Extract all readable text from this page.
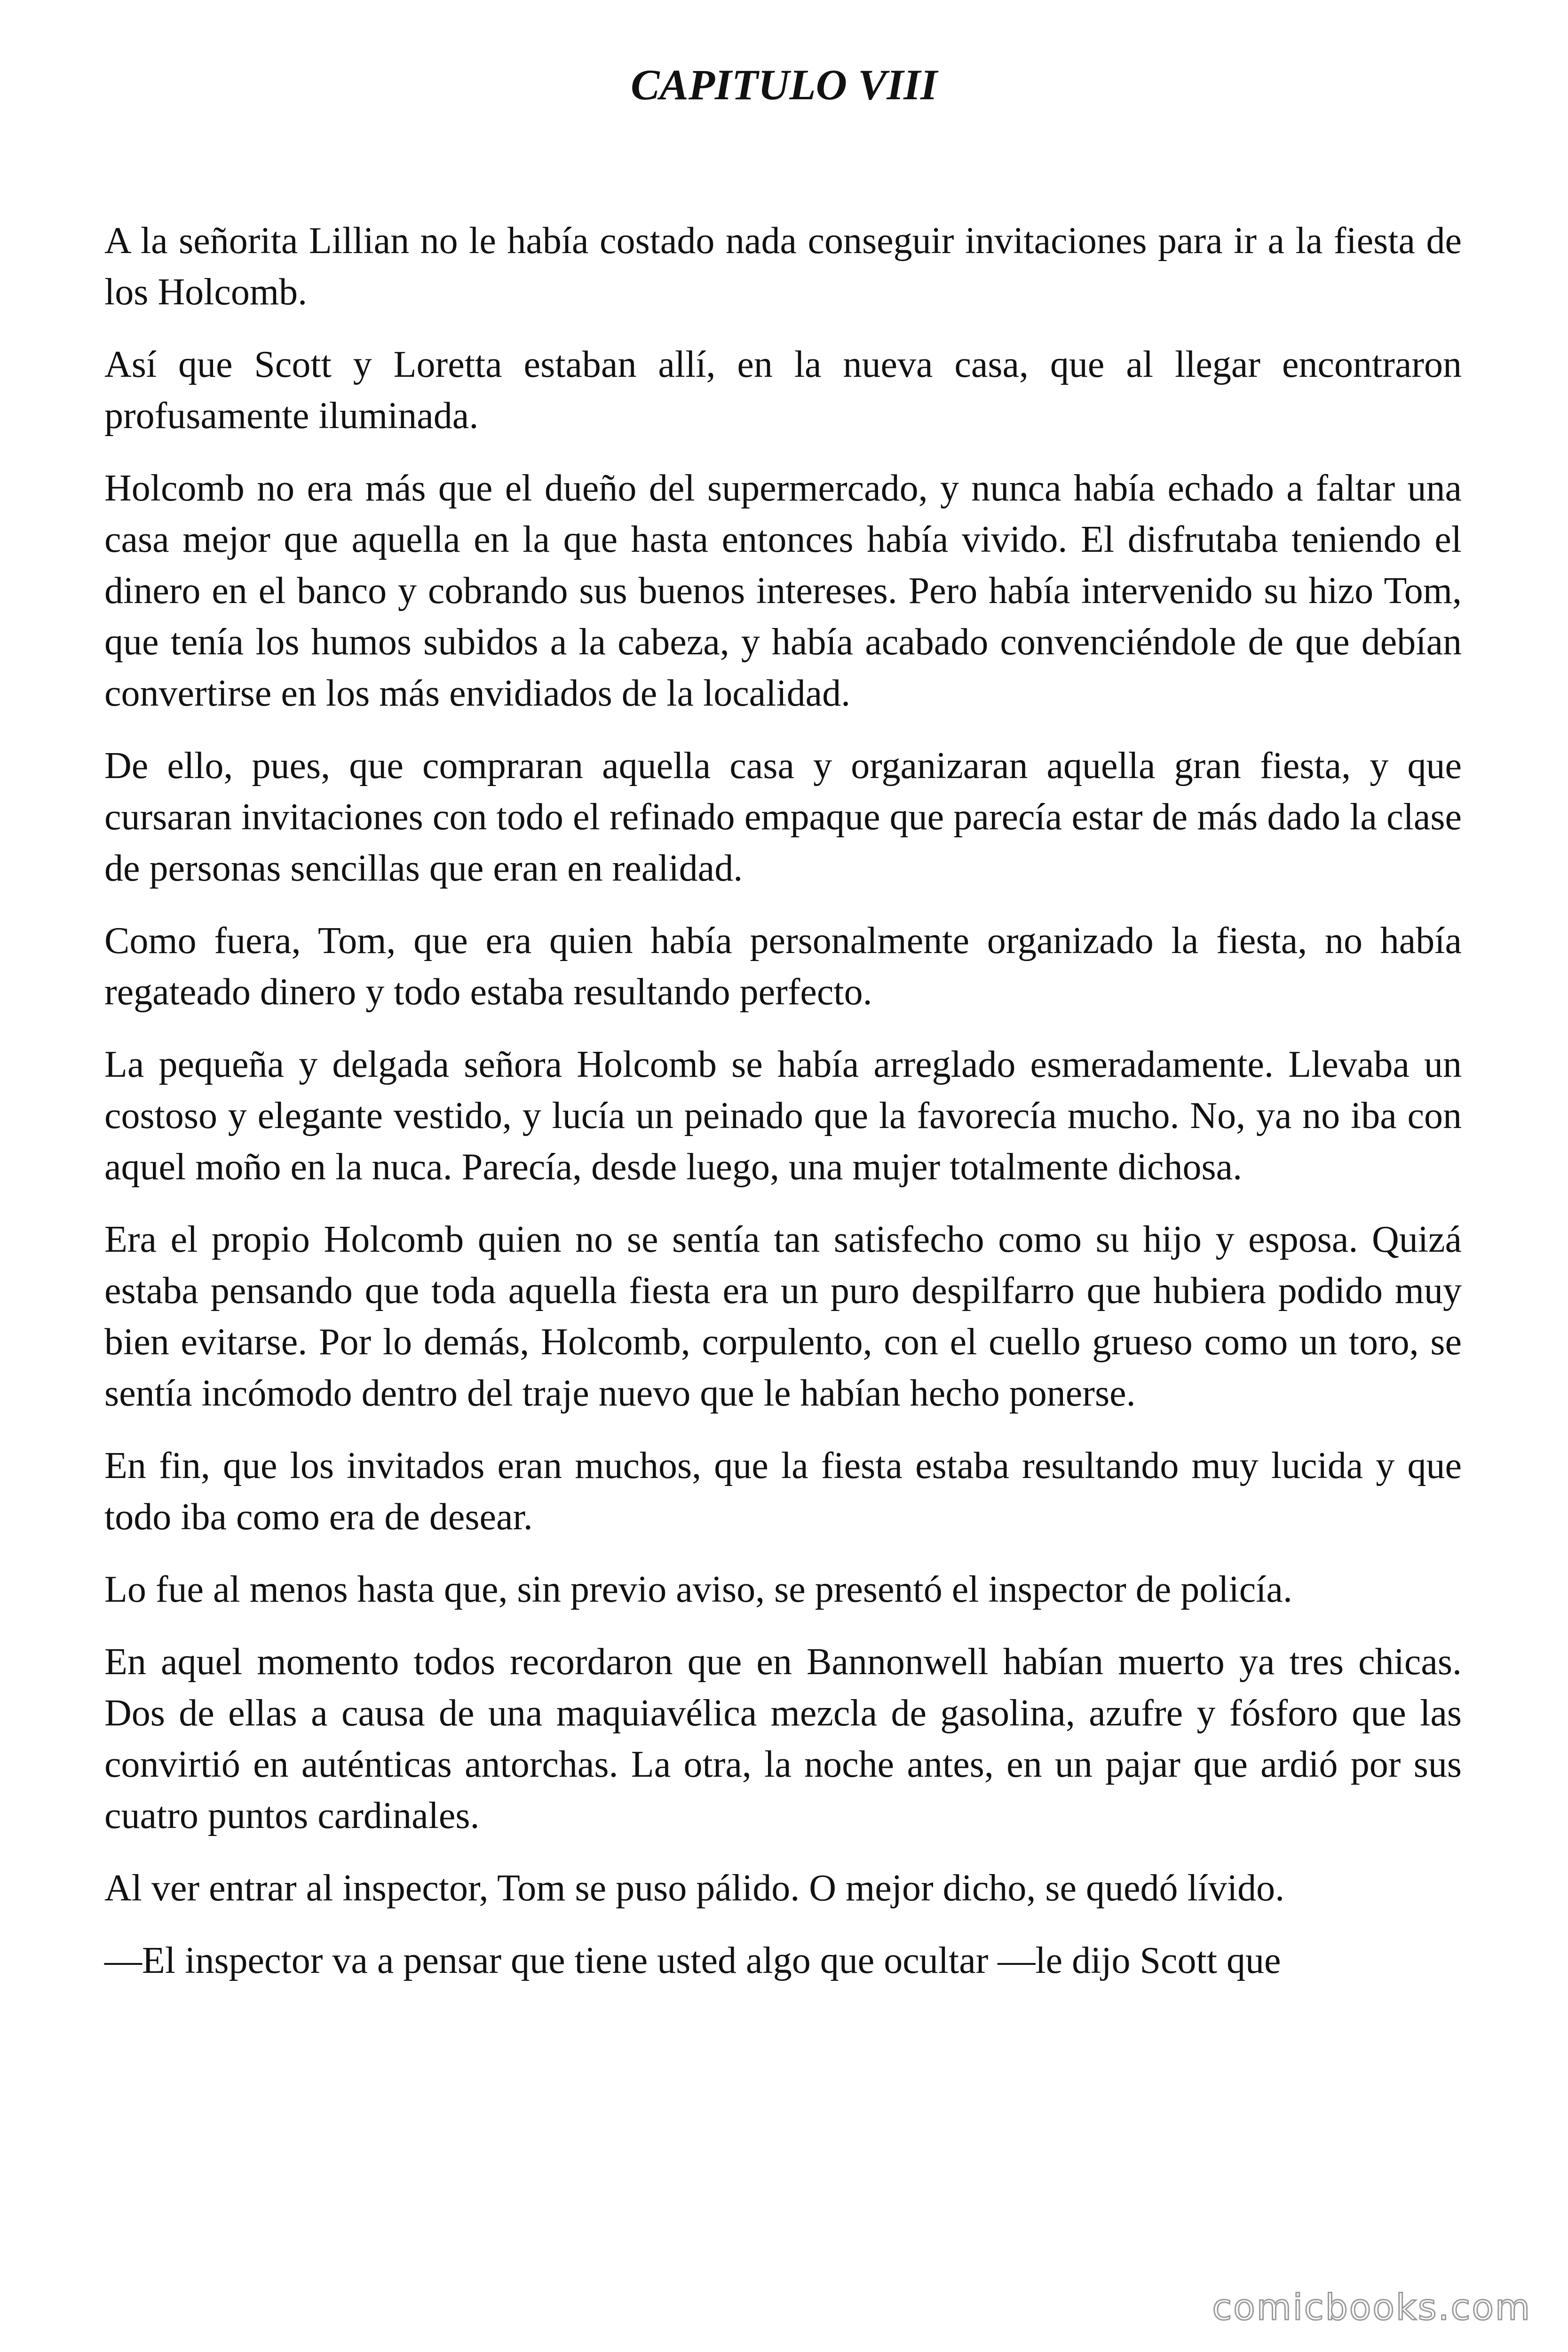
CAPITULO VIII

A la señorita Lillian no le había costado nada conseguir invitaciones para ir a la fiesta de los Holcomb.

Así que Scott y Loretta estaban allí, en la nueva casa, que al llegar encontraron profusamente iluminada.

Holcomb no era más que el dueño del supermercado, y nunca había echado a faltar una casa mejor que aquella en la que hasta entonces había vivido. El disfrutaba teniendo el dinero en el banco y cobrando sus buenos intereses. Pero había intervenido su hizo Tom, que tenía los humos subidos a la cabeza, y había acabado convenciéndole de que debían convertirse en los más envidiados de la localidad.

De ello, pues, que compraran aquella casa y organizaran aquella gran fiesta, y que cursaran invitaciones con todo el refinado empaque que parecía estar de más dado la clase de personas sencillas que eran en realidad.

Como fuera, Tom, que era quien había personalmente organizado la fiesta, no había regateado dinero y todo estaba resultando perfecto.

La pequeña y delgada señora Holcomb se había arreglado esmeradamente. Llevaba un costoso y elegante vestido, y lucía un peinado que la favorecía mucho. No, ya no iba con aquel moño en la nuca. Parecía, desde luego, una mujer totalmente dichosa.

Era el propio Holcomb quien no se sentía tan satisfecho como su hijo y esposa. Quizá estaba pensando que toda aquella fiesta era un puro despilfarro que hubiera podido muy bien evitarse. Por lo demás, Holcomb, corpulento, con el cuello grueso como un toro, se sentía incómodo dentro del traje nuevo que le habían hecho ponerse.

En fin, que los invitados eran muchos, que la fiesta estaba resultando muy lucida y que todo iba como era de desear.

Lo fue al menos hasta que, sin previo aviso, se presentó el inspector de policía.

En aquel momento todos recordaron que en Bannonwell habían muerto ya tres chicas. Dos de ellas a causa de una maquiavélica mezcla de gasolina, azufre y fósforo que las convirtió en auténticas antorchas. La otra, la noche antes, en un pajar que ardió por sus cuatro puntos cardinales.

Al ver entrar al inspector, Tom se puso pálido. O mejor dicho, se quedó lívido.

—El inspector va a pensar que tiene usted algo que ocultar —le dijo Scott que

comicbooks.com
